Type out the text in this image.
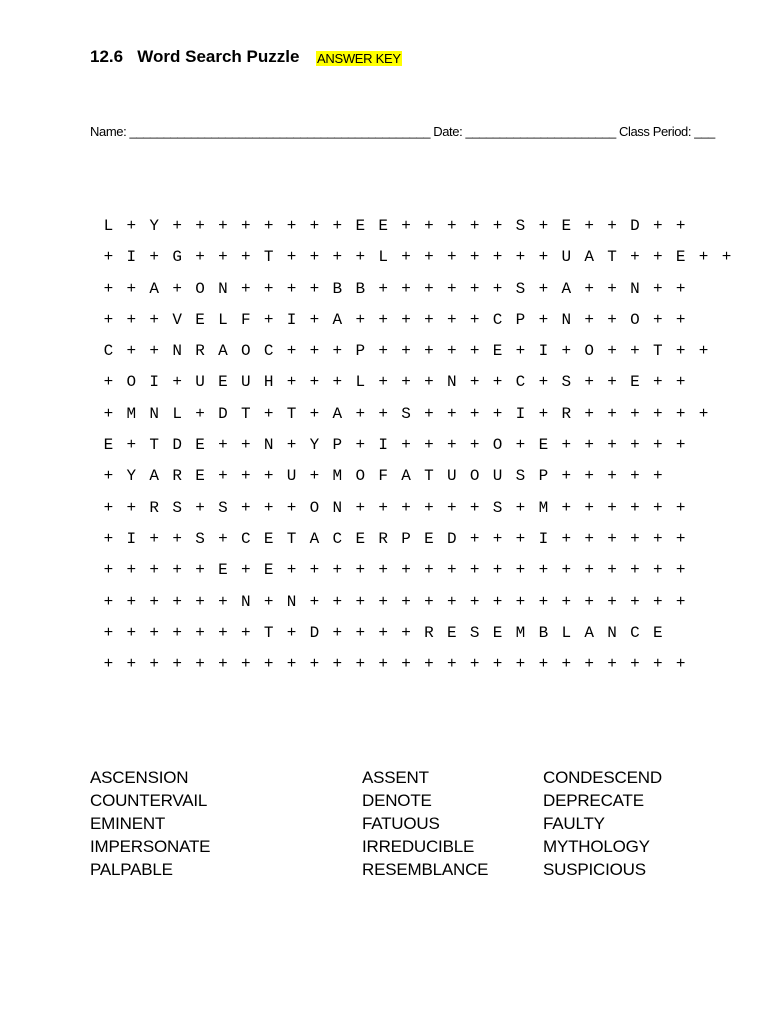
12.6   Word Search Puzzle ANSWER KEY
Name: ____________________________________________ Date: ______________________ Class Period: ___
L + Y + + + + + + + + E E + + + + + S + E + + D + +
+ I + G + + + T + + + + L + + + + + + + U A T + + E + +
+ + A + O N + + + + B B + + + + + + S + A + + N + +
+ + + V E L F + I + A + + + + + + C P + N + + O + +
C + + N R A O C + + + P + + + + + E + I + O + + T + +
+ O I + U E U H + + + L + + + N + + C + S + + E + +
+ M N L + D T + T + A + + S + + + + I + R + + + + + +
E + T D E + + N + Y P + I + + + + O + E + + + + + +
+ Y A R E + + + U + M O F A T U O U S P + + + + +
+ + R S + S + + + O N + + + + + + S + M + + + + + +
+ I + + S + C E T A C E R P E D + + + I + + + + + +
+ + + + + E + E + + + + + + + + + + + + + + + + + +
+ + + + + + N + N + + + + + + + + + + + + + + + + +
+ + + + + + + T + D + + + + R E S E M B L A N C E
+ + + + + + + + + + + + + + + + + + + + + + + + + +
ASCENSION
COUNTERVAIL
EMINENT
IMPERSONATE
PALPABLE
ASSENT
DENOTE
FATUOUS
IRREDUCIBLE
RESEMBLANCE
CONDESCEND
DEPRECATE
FAULTY
MYTHOLOGY
SUSPICIOUS
